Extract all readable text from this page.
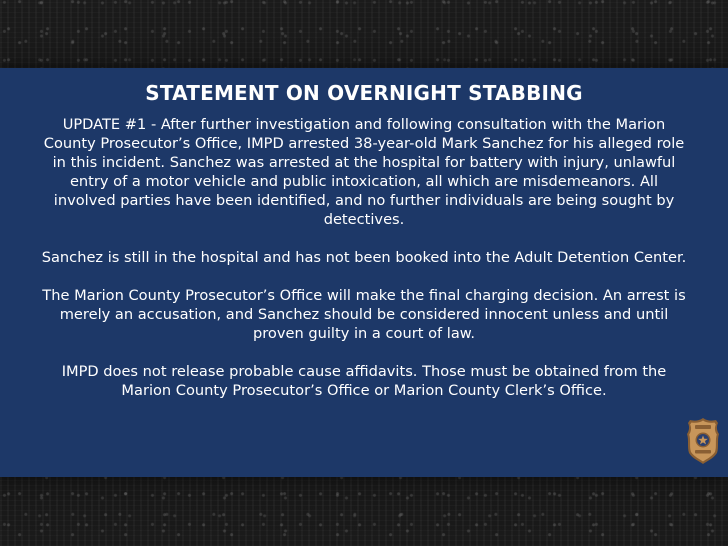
STATEMENT ON OVERNIGHT STABBING

UPDATE #1 - After further investigation and following consultation with the Marion County Prosecutor’s Office, IMPD arrested 38-year-old Mark Sanchez for his alleged role in this incident. Sanchez was arrested at the hospital for battery with injury, unlawful entry of a motor vehicle and public intoxication, all which are misdemeanors. All involved parties have been identified, and no further individuals are being sought by detectives.

Sanchez is still in the hospital and has not been booked into the Adult Detention Center.

The Marion County Prosecutor’s Office will make the final charging decision. An arrest is merely an accusation, and Sanchez should be considered innocent unless and until proven guilty in a court of law.

IMPD does not release probable cause affidavits. Those must be obtained from the Marion County Prosecutor’s Office or Marion County Clerk’s Office.
